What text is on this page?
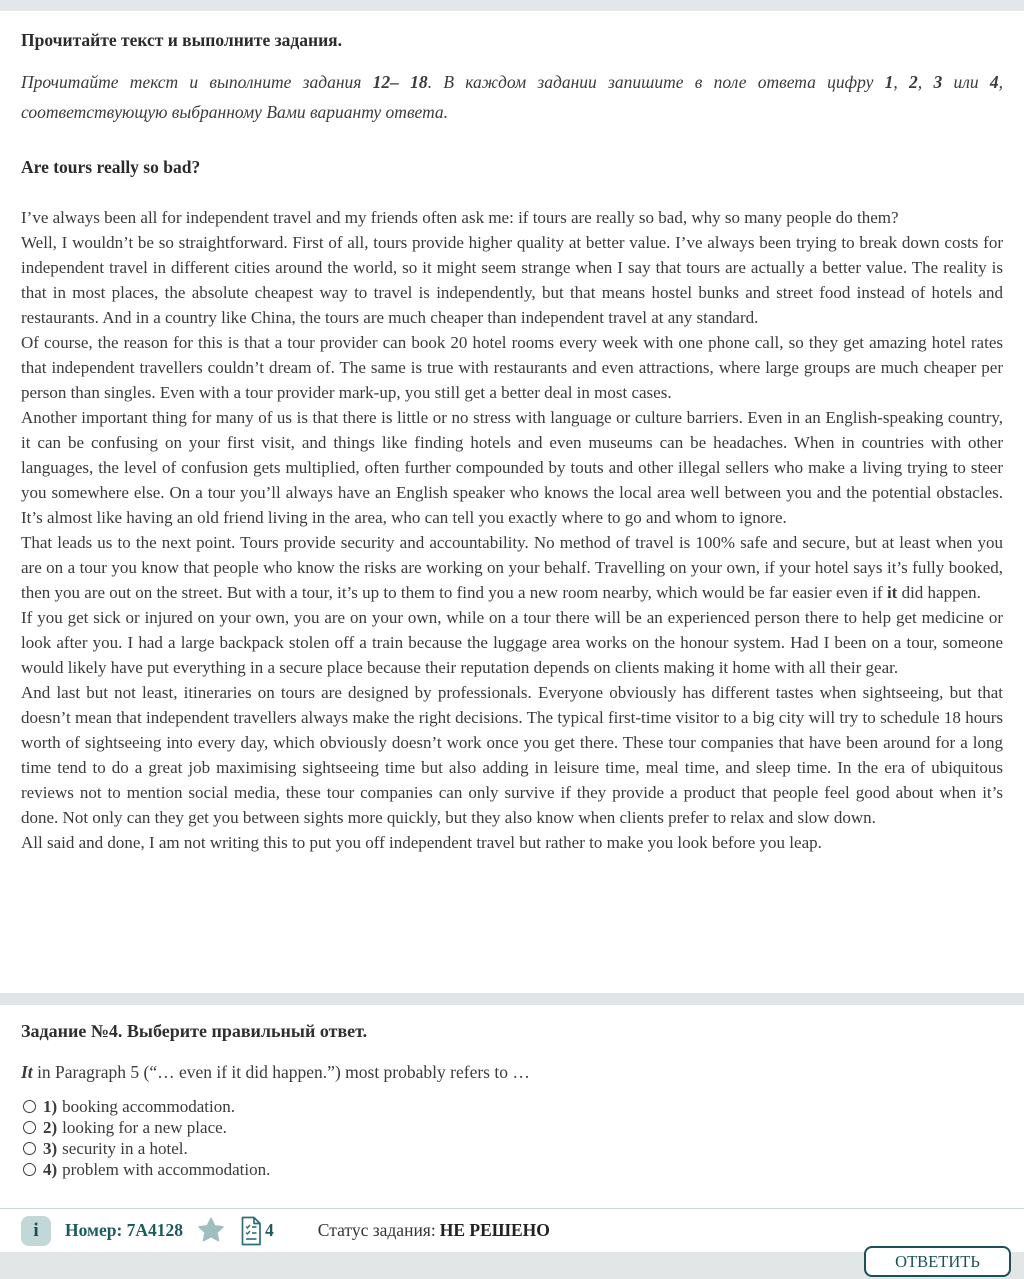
Прочитайте текст и выполните задания.

Прочитайте текст и выполните задания 12– 18. В каждом задании запишите в поле ответа цифру 1, 2, 3 или 4, соответствующую выбранному Вами варианту ответа.

Are tours really so bad?

I’ve always been all for independent travel and my friends often ask me: if tours are really so bad, why so many people do them?

Well, I wouldn’t be so straightforward. First of all, tours provide higher quality at better value. I’ve always been trying to break down costs for independent travel in different cities around the world, so it might seem strange when I say that tours are actually a better value. The reality is that in most places, the absolute cheapest way to travel is independently, but that means hostel bunks and street food instead of hotels and restaurants. And in a country like China, the tours are much cheaper than independent travel at any standard.

Of course, the reason for this is that a tour provider can book 20 hotel rooms every week with one phone call, so they get amazing hotel rates that independent travellers couldn’t dream of. The same is true with restaurants and even attractions, where large groups are much cheaper per person than singles. Even with a tour provider mark-up, you still get a better deal in most cases.

Another important thing for many of us is that there is little or no stress with language or culture barriers. Even in an English-speaking country, it can be confusing on your first visit, and things like finding hotels and even museums can be headaches. When in countries with other languages, the level of confusion gets multiplied, often further compounded by touts and other illegal sellers who make a living trying to steer you somewhere else. On a tour you’ll always have an English speaker who knows the local area well between you and the potential obstacles. It’s almost like having an old friend living in the area, who can tell you exactly where to go and whom to ignore.

That leads us to the next point. Tours provide security and accountability. No method of travel is 100% safe and secure, but at least when you are on a tour you know that people who know the risks are working on your behalf. Travelling on your own, if your hotel says it’s fully booked, then you are out on the street. But with a tour, it’s up to them to find you a new room nearby, which would be far easier even if it did happen.

If you get sick or injured on your own, you are on your own, while on a tour there will be an experienced person there to help get medicine or look after you. I had a large backpack stolen off a train because the luggage area works on the honour system. Had I been on a tour, someone would likely have put everything in a secure place because their reputation depends on clients making it home with all their gear.

And last but not least, itineraries on tours are designed by professionals. Everyone obviously has different tastes when sightseeing, but that doesn’t mean that independent travellers always make the right decisions. The typical first-time visitor to a big city will try to schedule 18 hours worth of sightseeing into every day, which obviously doesn’t work once you get there. These tour companies that have been around for a long time tend to do a great job maximising sightseeing time but also adding in leisure time, meal time, and sleep time. In the era of ubiquitous reviews not to mention social media, these tour companies can only survive if they provide a product that people feel good about when it’s done. Not only can they get you between sights more quickly, but they also know when clients prefer to relax and slow down.

All said and done, I am not writing this to put you off independent travel but rather to make you look before you leap.

Задание №4. Выберите правильный ответ.

It in Paragraph 5 (“… even if it did happen.”) most probably refers to …

1) booking accommodation.
2) looking for a new place.
3) security in a hotel.
4) problem with accommodation.
i	Номер: 7A4128	4	Статус задания: НЕ РЕШЕНО
ОТВЕТИТЬ
